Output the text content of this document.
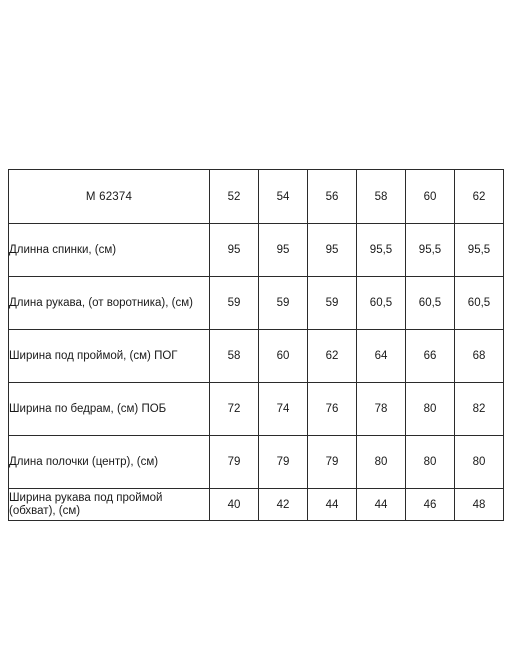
М 62374	52	54	56	58	60	62
Длинна спинки, (см)	95	95	95	95,5	95,5	95,5
Длина рукава, (от воротника), (см)	59	59	59	60,5	60,5	60,5
Ширина под проймой, (см) ПОГ	58	60	62	64	66	68
Ширина по бедрам, (см) ПОБ	72	74	76	78	80	82
Длина полочки (центр), (см)	79	79	79	80	80	80
Ширина рукава под проймой (обхват), (см)	40	42	44	44	46	48
